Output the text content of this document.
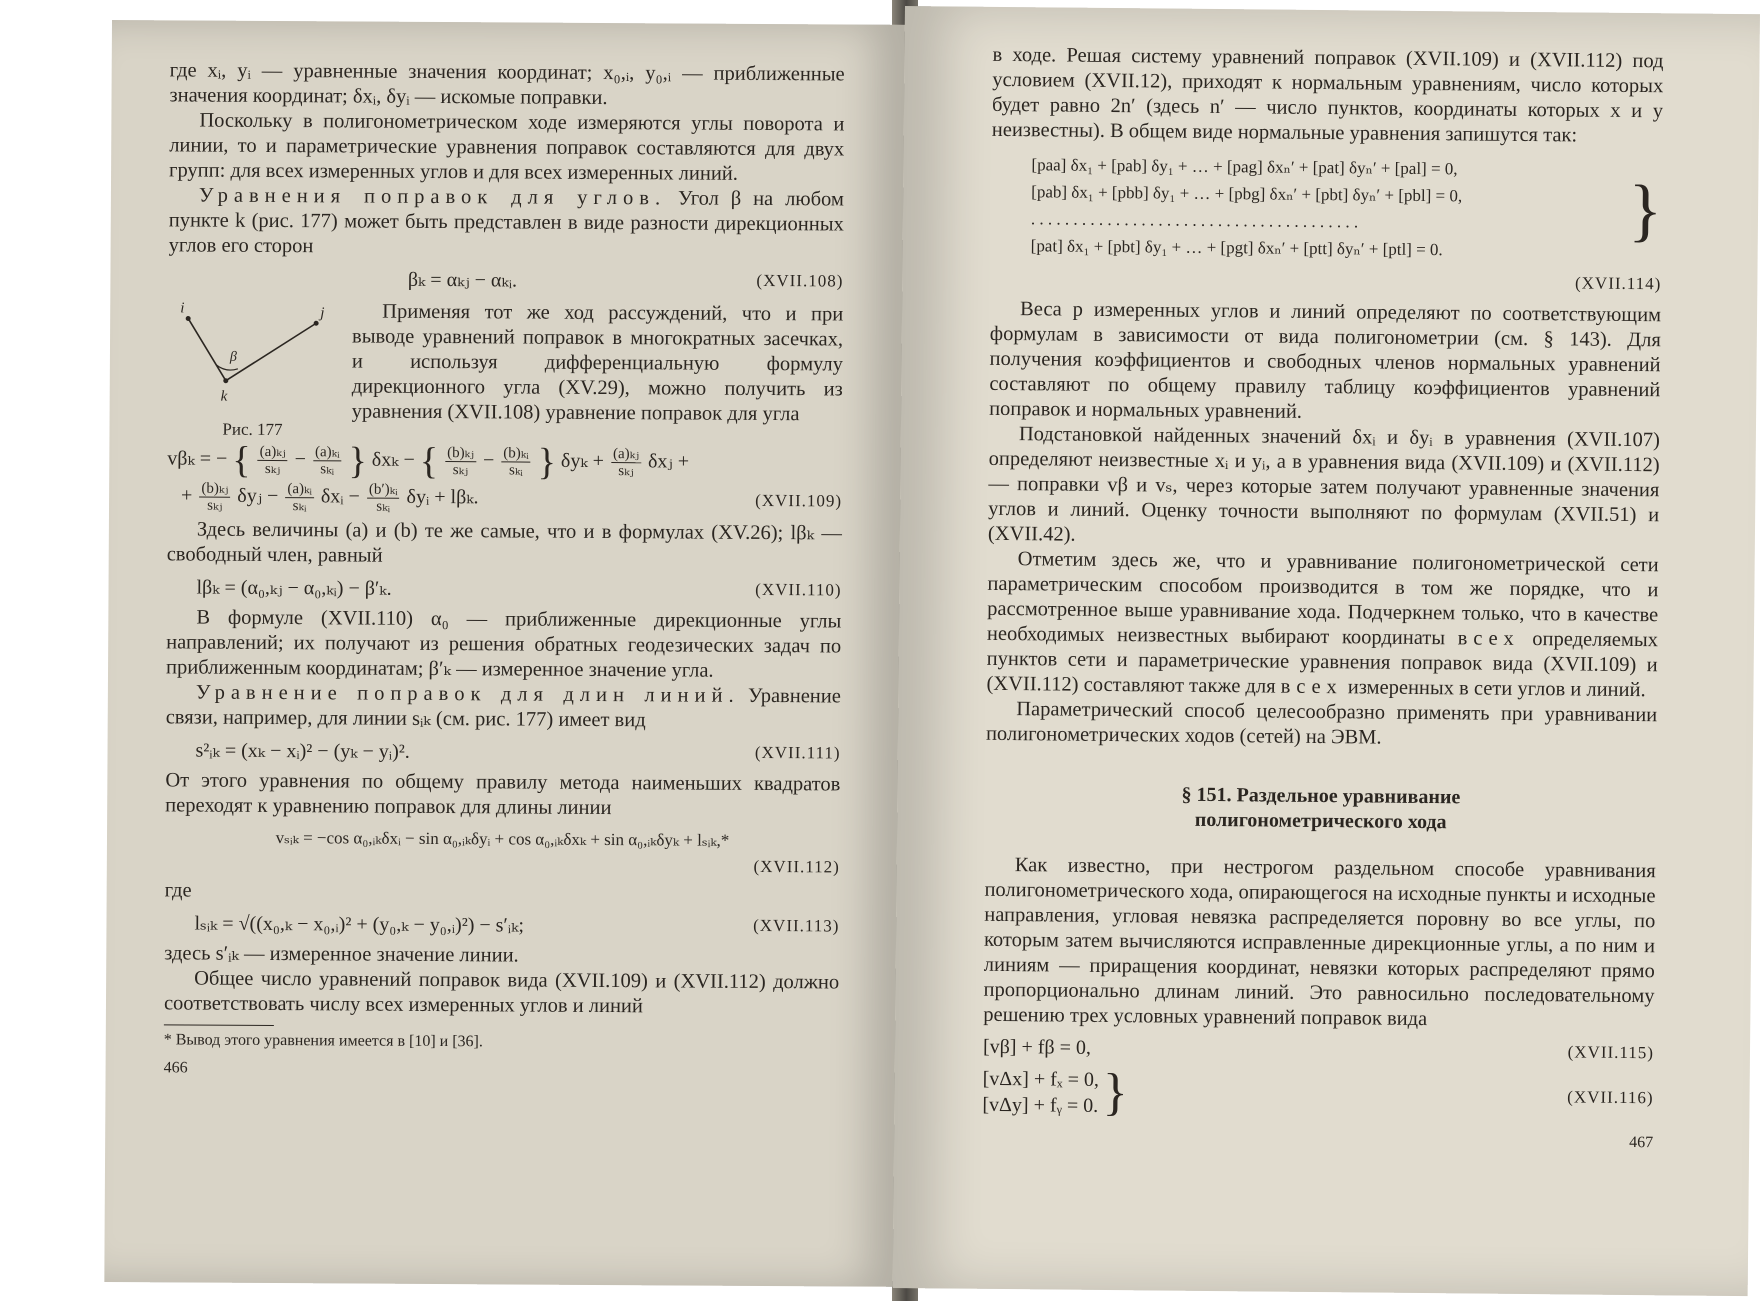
где xᵢ, yᵢ — уравненные значения координат; x₀,ᵢ, y₀,ᵢ — приближенные значения координат; δxᵢ, δyᵢ — искомые поправки.

Поскольку в полигонометрическом ходе измеряются углы поворота и линии, то и параметрические уравнения поправок составляются для двух групп: для всех измеренных углов и для всех измеренных линий.

Уравнения поправок для углов. Угол β на любом пункте k (рис. 177) может быть представлен в виде разности дирекционных углов его сторон

βₖ = αₖⱼ − αₖᵢ.	(XVII.108)
i	j
k
β
Рис. 177

Применяя тот же ход рассуждений, что и при выводе уравнений поправок в многократных засечках, и используя дифференциальную формулу дирекционного угла (XV.29), можно получить из уравнения (XVII.108) уравнение поправок для угла

vβₖ = − { $\frac{\text{(a)ₖⱼ}}{\text{sₖⱼ}} - \frac{\text{(a)ₖᵢ}}{\text{sₖᵢ}}$ } δxₖ − { $\frac{\text{(b)ₖⱼ}}{\text{sₖⱼ}} - \frac{\text{(b)ₖᵢ}}{\text{sₖᵢ}}$ } $\delta y_k + \frac{\text{(a)ₖⱼ}}{\text{sₖⱼ}}$ δxⱼ +
+ $\frac{\text{(b)ₖⱼ}}{\text{sₖⱼ}}$ δyⱼ − $\frac{\text{(a)ₖᵢ}}{\text{sₖᵢ}}$ δxᵢ − $\frac{\text{(b′)ₖᵢ}}{\text{sₖᵢ}}$ δyᵢ + lβₖ.	(XVII.109)

Здесь величины (a) и (b) те же самые, что и в формулах (XV.26); lβₖ — свободный член, равный

lβₖ = (α₀,ₖⱼ − α₀,ₖᵢ) − β′ₖ.	(XVII.110)

В формуле (XVII.110) α₀ — приближенные дирекционные углы направлений; их получают из решения обратных геодезических задач по приближенным координатам; β′ₖ — измеренное значение угла.

Уравнение поправок для длин линий. Уравнение связи, например, для линии sᵢₖ (см. рис. 177) имеет вид

s²ᵢₖ = (xₖ − xᵢ)² − (yₖ − yᵢ)².	(XVII.111)

От этого уравнения по общему правилу метода наименьших квадратов переходят к уравнению поправок для длины линии

vₛᵢₖ = −cos α₀,ᵢₖδxᵢ − sin α₀,ᵢₖδyᵢ + cos α₀,ᵢₖδxₖ + sin α₀,ᵢₖδyₖ + lₛᵢₖ,*
(XVII.112)

где

lₛᵢₖ = √((x₀,ₖ − x₀,ᵢ)² + (y₀,ₖ − y₀,ᵢ)²) − s′ᵢₖ;	(XVII.113)

здесь s′ᵢₖ — измеренное значение линии.

Общее число уравнений поправок вида (XVII.109) и (XVII.112) должно соответствовать числу всех измеренных углов и линий

* Вывод этого уравнения имеется в [10] и [36].
466

в ходе. Решая систему уравнений поправок (XVII.109) и (XVII.112) под условием (XVII.12), приходят к нормальным уравнениям, число которых будет равно 2n′ (здесь n′ — число пунктов, координаты которых x и y неизвестны). В общем виде нормальные уравнения запишутся так:

[paa] δx₁ + [pab] δy₁ + … + [pag] δxₙ′ + [pat] δyₙ′ + [pal] = 0,
[pab] δx₁ + [pbb] δy₁ + … + [pbg] δxₙ′ + [pbt] δyₙ′ + [pbl] = 0,
. . . . . . . . . . . . . . . . . . . . . . . . . . . . . . . . . . . . . . .
[pat] δx₁ + [pbt] δy₁ + … + [pgt] δxₙ′ + [ptt] δyₙ′ + [ptl] = 0.	}
(XVII.114)

Веса p измеренных углов и линий определяют по соответствующим формулам в зависимости от вида полигонометрии (см. § 143). Для получения коэффициентов и свободных членов нормальных уравнений составляют по общему правилу таблицу коэффициентов уравнений поправок и нормальных уравнений.

Подстановкой найденных значений δxᵢ и δyᵢ в уравнения (XVII.107) определяют неизвестные xᵢ и yᵢ, а в уравнения вида (XVII.109) и (XVII.112) — поправки vβ и vₛ, через которые затем получают уравненные значения углов и линий. Оценку точности выполняют по формулам (XVII.51) и (XVII.42).

Отметим здесь же, что и уравнивание полигонометрической сети параметрическим способом производится в том же порядке, что и рассмотренное выше уравнивание хода. Подчеркнем только, что в качестве необходимых неизвестных выбирают координаты всех определяемых пунктов сети и параметрические уравнения поправок вида (XVII.109) и (XVII.112) составляют также для всех измеренных в сети углов и линий.

Параметрический способ целесообразно применять при уравнивании полигонометрических ходов (сетей) на ЭВМ.

§ 151. Раздельное уравнивание
полигонометрического хода

Как известно, при нестрогом раздельном способе уравнивания полигонометрического хода, опирающегося на исходные пункты и исходные направления, угловая невязка распределяется поровну во все углы, по которым затем вычисляются исправленные дирекционные углы, а по ним и линиям — приращения координат, невязки которых распределяют прямо пропорционально длинам линий. Это равносильно последовательному решению трех условных уравнений поправок вида

[vβ] + fβ = 0,	(XVII.115)
[vΔx] + fₓ = 0,
[vΔy] + fᵧ = 0. }	(XVII.116)
467
